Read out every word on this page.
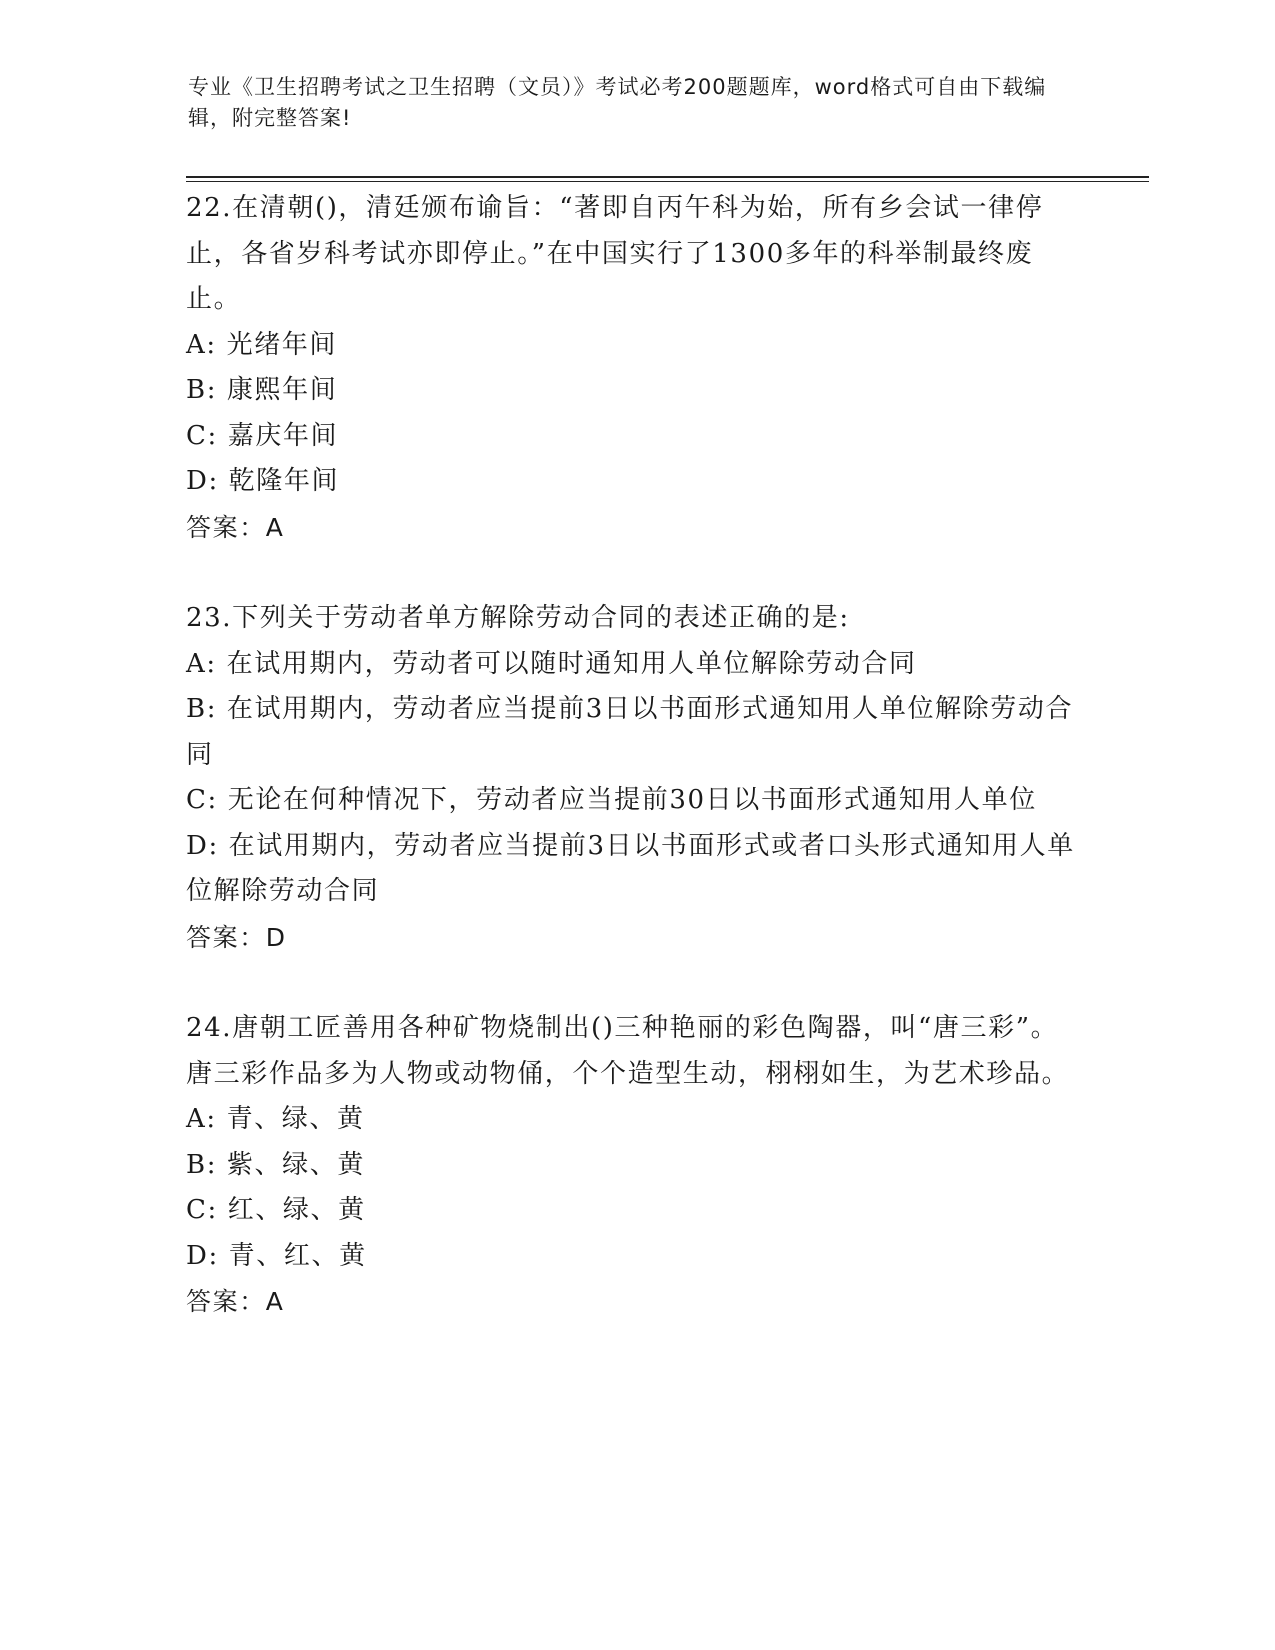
专业《卫生招聘考试之卫生招聘（文员）》考试必考200题题库，word格式可自由下载编辑，附完整答案!

22.在清朝()，清廷颁布谕旨：“著即自丙午科为始，所有乡会试一律停止，各省岁科考试亦即停止。”在中国实行了1300多年的科举制最终废止。

A: 光绪年间

B: 康熙年间

C: 嘉庆年间

D: 乾隆年间

答案：A

23.下列关于劳动者单方解除劳动合同的表述正确的是:

A: 在试用期内，劳动者可以随时通知用人单位解除劳动合同

B: 在试用期内，劳动者应当提前3日以书面形式通知用人单位解除劳动合同

C: 无论在何种情况下，劳动者应当提前30日以书面形式通知用人单位

D: 在试用期内，劳动者应当提前3日以书面形式或者口头形式通知用人单位解除劳动合同

答案：D

24.唐朝工匠善用各种矿物烧制出()三种艳丽的彩色陶器，叫“唐三彩”。唐三彩作品多为人物或动物俑，个个造型生动，栩栩如生，为艺术珍品。

A: 青、绿、黄

B: 紫、绿、黄

C: 红、绿、黄

D: 青、红、黄

答案：A
